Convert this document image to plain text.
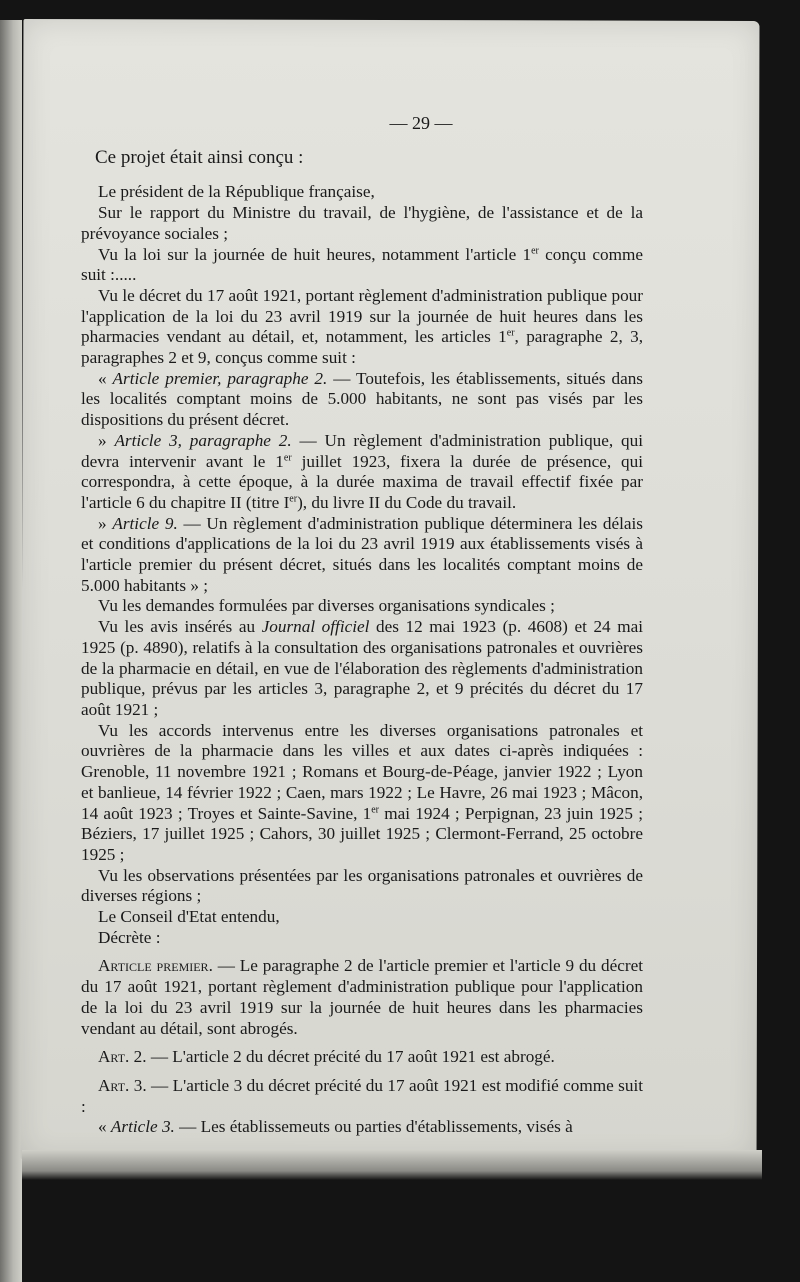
— 29 —
Ce projet était ainsi conçu :

Le président de la République française,

Sur le rapport du Ministre du travail, de l'hygiène, de l'assistance et de la prévoyance sociales ;

Vu la loi sur la journée de huit heures, notamment l'article 1er conçu comme suit :.....

Vu le décret du 17 août 1921, portant règlement d'administration publique pour l'application de la loi du 23 avril 1919 sur la journée de huit heures dans les pharmacies vendant au détail, et, notamment, les articles 1er, paragraphe 2, 3, paragraphes 2 et 9, conçus comme suit :

« Article premier, paragraphe 2. — Toutefois, les établissements, situés dans les localités comptant moins de 5.000 habitants, ne sont pas visés par les dispositions du présent décret.

» Article 3, paragraphe 2. — Un règlement d'administration publique, qui devra intervenir avant le 1er juillet 1923, fixera la durée de présence, qui correspondra, à cette époque, à la durée maxima de travail effectif fixée par l'article 6 du chapitre II (titre Ier), du livre II du Code du travail.

» Article 9. — Un règlement d'administration publique déterminera les délais et conditions d'applications de la loi du 23 avril 1919 aux établissements visés à l'article premier du présent décret, situés dans les localités comptant moins de 5.000 habitants » ;

Vu les demandes formulées par diverses organisations syndicales ;

Vu les avis insérés au Journal officiel des 12 mai 1923 (p. 4608) et 24 mai 1925 (p. 4890), relatifs à la consultation des organisations patronales et ouvrières de la pharmacie en détail, en vue de l'élaboration des règlements d'administration publique, prévus par les articles 3, paragraphe 2, et 9 précités du décret du 17 août 1921 ;

Vu les accords intervenus entre les diverses organisations patronales et ouvrières de la pharmacie dans les villes et aux dates ci-après indiquées : Grenoble, 11 novembre 1921 ; Romans et Bourg-de-Péage, janvier 1922 ; Lyon et banlieue, 14 février 1922 ; Caen, mars 1922 ; Le Havre, 26 mai 1923 ; Mâcon, 14 août 1923 ; Troyes et Sainte-Savine, 1er mai 1924 ; Perpignan, 23 juin 1925 ; Béziers, 17 juillet 1925 ; Cahors, 30 juillet 1925 ; Clermont-Ferrand, 25 octobre 1925 ;

Vu les observations présentées par les organisations patronales et ouvrières de diverses régions ;

Le Conseil d'Etat entendu,

Décrète :

Article premier. — Le paragraphe 2 de l'article premier et l'article 9 du décret du 17 août 1921, portant règlement d'administration publique pour l'application de la loi du 23 avril 1919 sur la journée de huit heures dans les pharmacies vendant au détail, sont abrogés.

Art. 2. — L'article 2 du décret précité du 17 août 1921 est abrogé.

Art. 3. — L'article 3 du décret précité du 17 août 1921 est modifié comme suit :

« Article 3. — Les établissemeuts ou parties d'établissements, visés à
